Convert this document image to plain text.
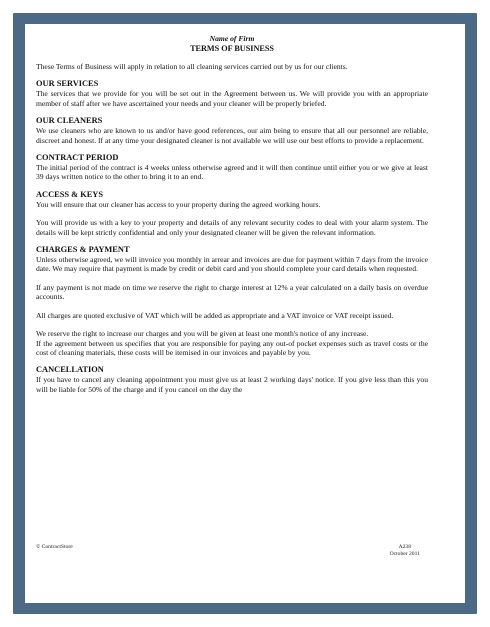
Name of Firm
TERMS OF BUSINESS

These Terms of Business will apply in relation to all cleaning services carried out by us for our clients.

OUR SERVICES

The services that we provide for you will be set out in the Agreement between us. We will provide you with an appropriate member of staff after we have ascertained your needs and your cleaner will be properly briefed.

OUR CLEANERS

We use cleaners who are known to us and/or have good references, our aim being to ensure that all our personnel are reliable, discreet and honest. If at any time your designated cleaner is not available we will use our best efforts to provide a replacement.

CONTRACT PERIOD

The initial period of the contract is 4 weeks unless otherwise agreed and it will then continue until either you or we give at least 39 days written notice to the other to bring it to an end.

ACCESS & KEYS

You will ensure that our cleaner has access to your property during the agreed working hours.

You will provide us with a key to your property and details of any relevant security codes to deal with your alarm system. The details will be kept strictly confidential and only your designated cleaner will be given the relevant information.

CHARGES & PAYMENT

Unless otherwise agreed, we will invoice you monthly in arrear and invoices are due for payment within 7 days from the invoice date. We may require that payment is made by credit or debit card and you should complete your card details when requested.

If any payment is not made on time we reserve the right to charge interest at 12% a year calculated on a daily basis on overdue accounts.

All charges are quoted exclusive of VAT which will be added as appropriate and a VAT invoice or VAT receipt issued.

We reserve the right to increase our charges and you will be given at least one month's notice of any increase.

If the agreement between us specifies that you are responsible for paying any out-of pocket expenses such as travel costs or the cost of cleaning materials, these costs will be itemised in our invoices and payable by you.

CANCELLATION

If you have to cancel any cleaning appointment you must give us at least 2 working days' notice. If you give less than this you will be liable for 50% of the charge and if you cancel on the day the

© ContractStore	A238
October 2011
